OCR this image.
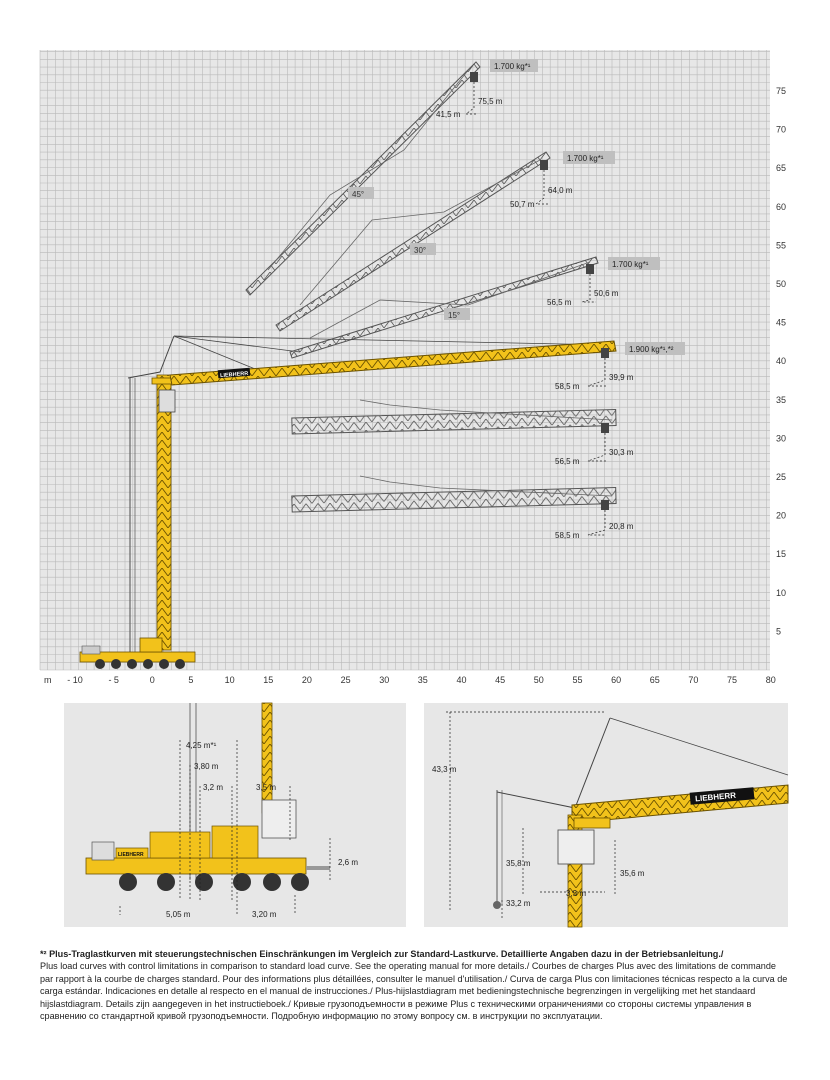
5
10
15
20
25
30
35
40
45
50
55
60
65
70
75
- 10	- 5	0	5	10	15	20	25	30	35	40	45	50	55	60	65	70	75	80
m
45°
30°
15°
LIEBHERR
1.700 kg*¹
1.700 kg*¹
1.700 kg*¹
1.900 kg*¹,*²
75,5 m
41,5 m
64,0 m
50,7 m
50,6 m
56,5 m
39,9 m
58,5 m
30,3 m
56,5 m
20,8 m
58,5 m
4,25 m*¹
3,80 m
3,2 m	3,5 m
2,6 m
5,05 m	3,20 m
LIEBHERR
LIEBHERR
43,3 m
35,8 m
35,6 m
3,3 m
33,2 m
*² Plus-Traglastkurven mit steuerungstechnischen Einschränkungen im Vergleich zur Standard-Lastkurve. Detaillierte Angaben dazu in der Betriebsanleitung./
Plus load curves with control limitations in comparison to standard load curve. See the operating manual for more details./ Courbes de charges Plus avec des limitations de commande par rapport à la courbe de charges standard. Pour des informations plus détaillées, consulter le manuel d'utilisation./ Curva de carga Plus con limitaciones técnicas respecto a la curva de carga estándar. Indicaciones en detalle al respecto en el manual de instrucciones./ Plus-hijslastdiagram met bedieningstechnische begrenzingen in vergelijking met het standaard hijslastdiagram. Details zijn aangegeven in het instructieboek./ Кривые грузоподъемности в режиме Plus с техническими ограничениями со стороны системы управления в сравнению со стандартной кривой грузоподъемности. Подробную информацию по этому вопросу см. в инструкции по эксплуатации.
